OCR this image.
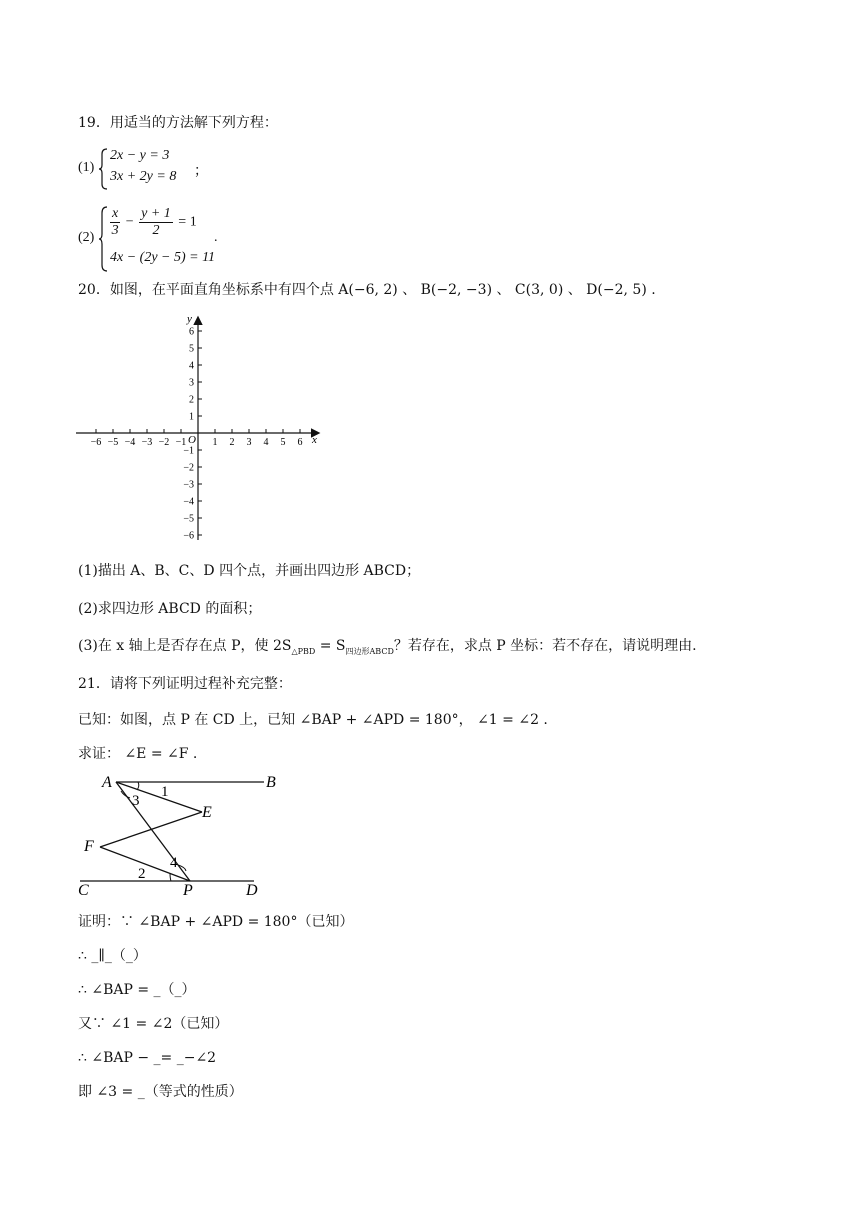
19．用适当的方法解下列方程：
(1)
2x − y = 3
3x + 2y = 8 ；
$(2) \frac{x}{3} - \frac{y + 1}{2} = 1$
4x − (2y − 5) = 11
.
20．如图，在平面直角坐标系中有四个点 A(−6, 2) 、 B(−2, −3) 、 C(3, 0) 、 D(−2, 5) .
−6 −5 −4 −3 −2 −1	1 2 3 4 5 6
6
5
4
3
2
1
−1
−2
−3
−4
−5
−6
x
y
O
(1)描出 A、B、C、D 四个点，并画出四边形 ABCD；
(2)求四边形 ABCD 的面积；
(3)在 x 轴上是否存在点 P，使 $2S_{\triangle PBD} = S_{四边形ABCD}$？若存在，求点 P 坐标：若不存在，请说明理由.
21．请将下列证明过程补充完整：
已知：如图，点 P 在 CD 上，已知 ∠BAP + ∠APD = 180°， ∠1 = ∠2 .
求证： ∠E = ∠F .
A	B
C	D
E
F
P
1
3
2
4
证明：∵ ∠BAP + ∠APD = 180°（已知）
∴ _∥_（_）
∴ ∠BAP = _（_）
又∵ ∠1 = ∠2（已知）
∴ ∠BAP − _= _−∠2
即 ∠3 = _（等式的性质）
